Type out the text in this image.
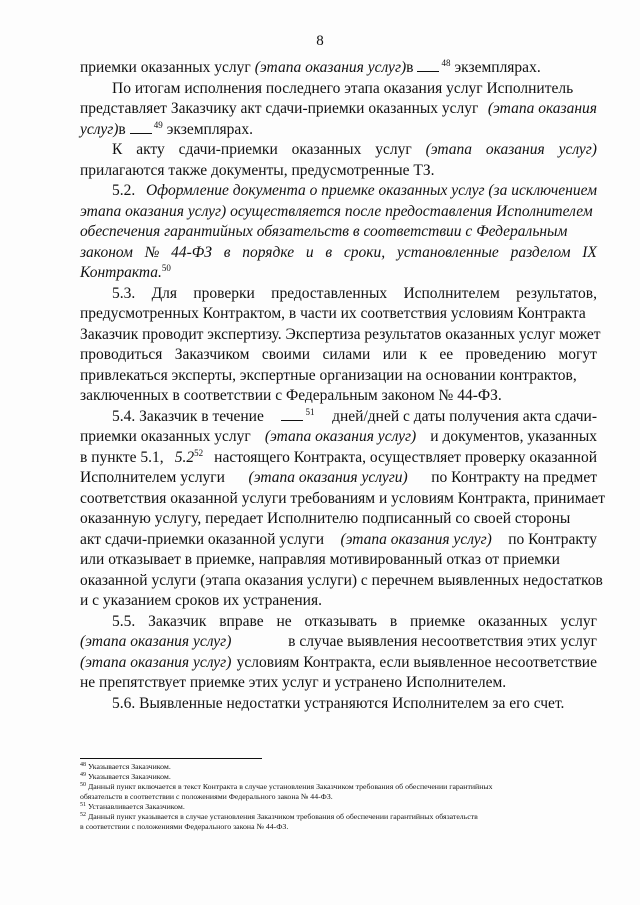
8
приемки оказанных услуг (этапа оказания услуг) в	$^{48}$ экземплярах.
По итогам исполнения последнего этапа оказания услуг Исполнитель
представляет Заказчику акт сдачи-приемки оказанных услуг (этапа оказания
услуг) в	$^{49}$ экземплярах.
К акту сдачи-приемки оказанных услуг (этапа оказания услуг)
прилагаются также документы, предусмотренные ТЗ.
5.2. Оформление документа о приемке оказанных услуг (за исключением
этапа оказания услуг) осуществляется после предоставления Исполнителем
обеспечения гарантийных обязательств в соответствии с Федеральным
законом № 44-ФЗ в порядке и в сроки, установленные разделом IX
Контракта.$^{50}$
5.3. Для проверки предоставленных Исполнителем результатов,
предусмотренных Контрактом, в части их соответствия условиям Контракта
Заказчик проводит экспертизу. Экспертиза результатов оказанных услуг может
проводиться Заказчиком своими силами или к ее проведению могут
привлекаться эксперты, экспертные организации на основании контрактов,
заключенных в соответствии с Федеральным законом № 44-ФЗ.
5.4. Заказчик в течение	$^{51}$ дней/дней с даты получения акта сдачи-
приемки оказанных услуг (этапа оказания услуг) и документов, указанных
в пункте 5.1, $5.2^{52}$ настоящего Контракта, осуществляет проверку оказанной
Исполнителем услуги (этапа оказания услуги) по Контракту на предмет
соответствия оказанной услуги требованиям и условиям Контракта, принимает
оказанную услугу, передает Исполнителю подписанный со своей стороны
акт сдачи-приемки оказанной услуги (этапа оказания услуг) по Контракту
или отказывает в приемке, направляя мотивированный отказ от приемки
оказанной услуги (этапа оказания услуги) с перечнем выявленных недостатков
и с указанием сроков их устранения.
5.5. Заказчик вправе не отказывать в приемке оказанных услуг
(этапа оказания услуг)	в случае выявления несоответствия этих услуг
(этапа оказания услуг) условиям Контракта, если выявленное несоответствие
не препятствует приемке этих услуг и устранено Исполнителем.
5.6. Выявленные недостатки устраняются Исполнителем за его счет.
$^{48}$ Указывается Заказчиком.
$^{49}$ Указывается Заказчиком.
$^{50}$ Данный пункт включается в текст Контракта в случае установления Заказчиком требования об обеспечении гарантийных
обязательств в соответствии с положениями Федерального закона № 44-ФЗ.
$^{51}$ Устанавливается Заказчиком.
$^{52}$ Данный пункт указывается в случае установления Заказчиком требования об обеспечении гарантийных обязательств
в соответствии с положениями Федерального закона № 44-ФЗ.
